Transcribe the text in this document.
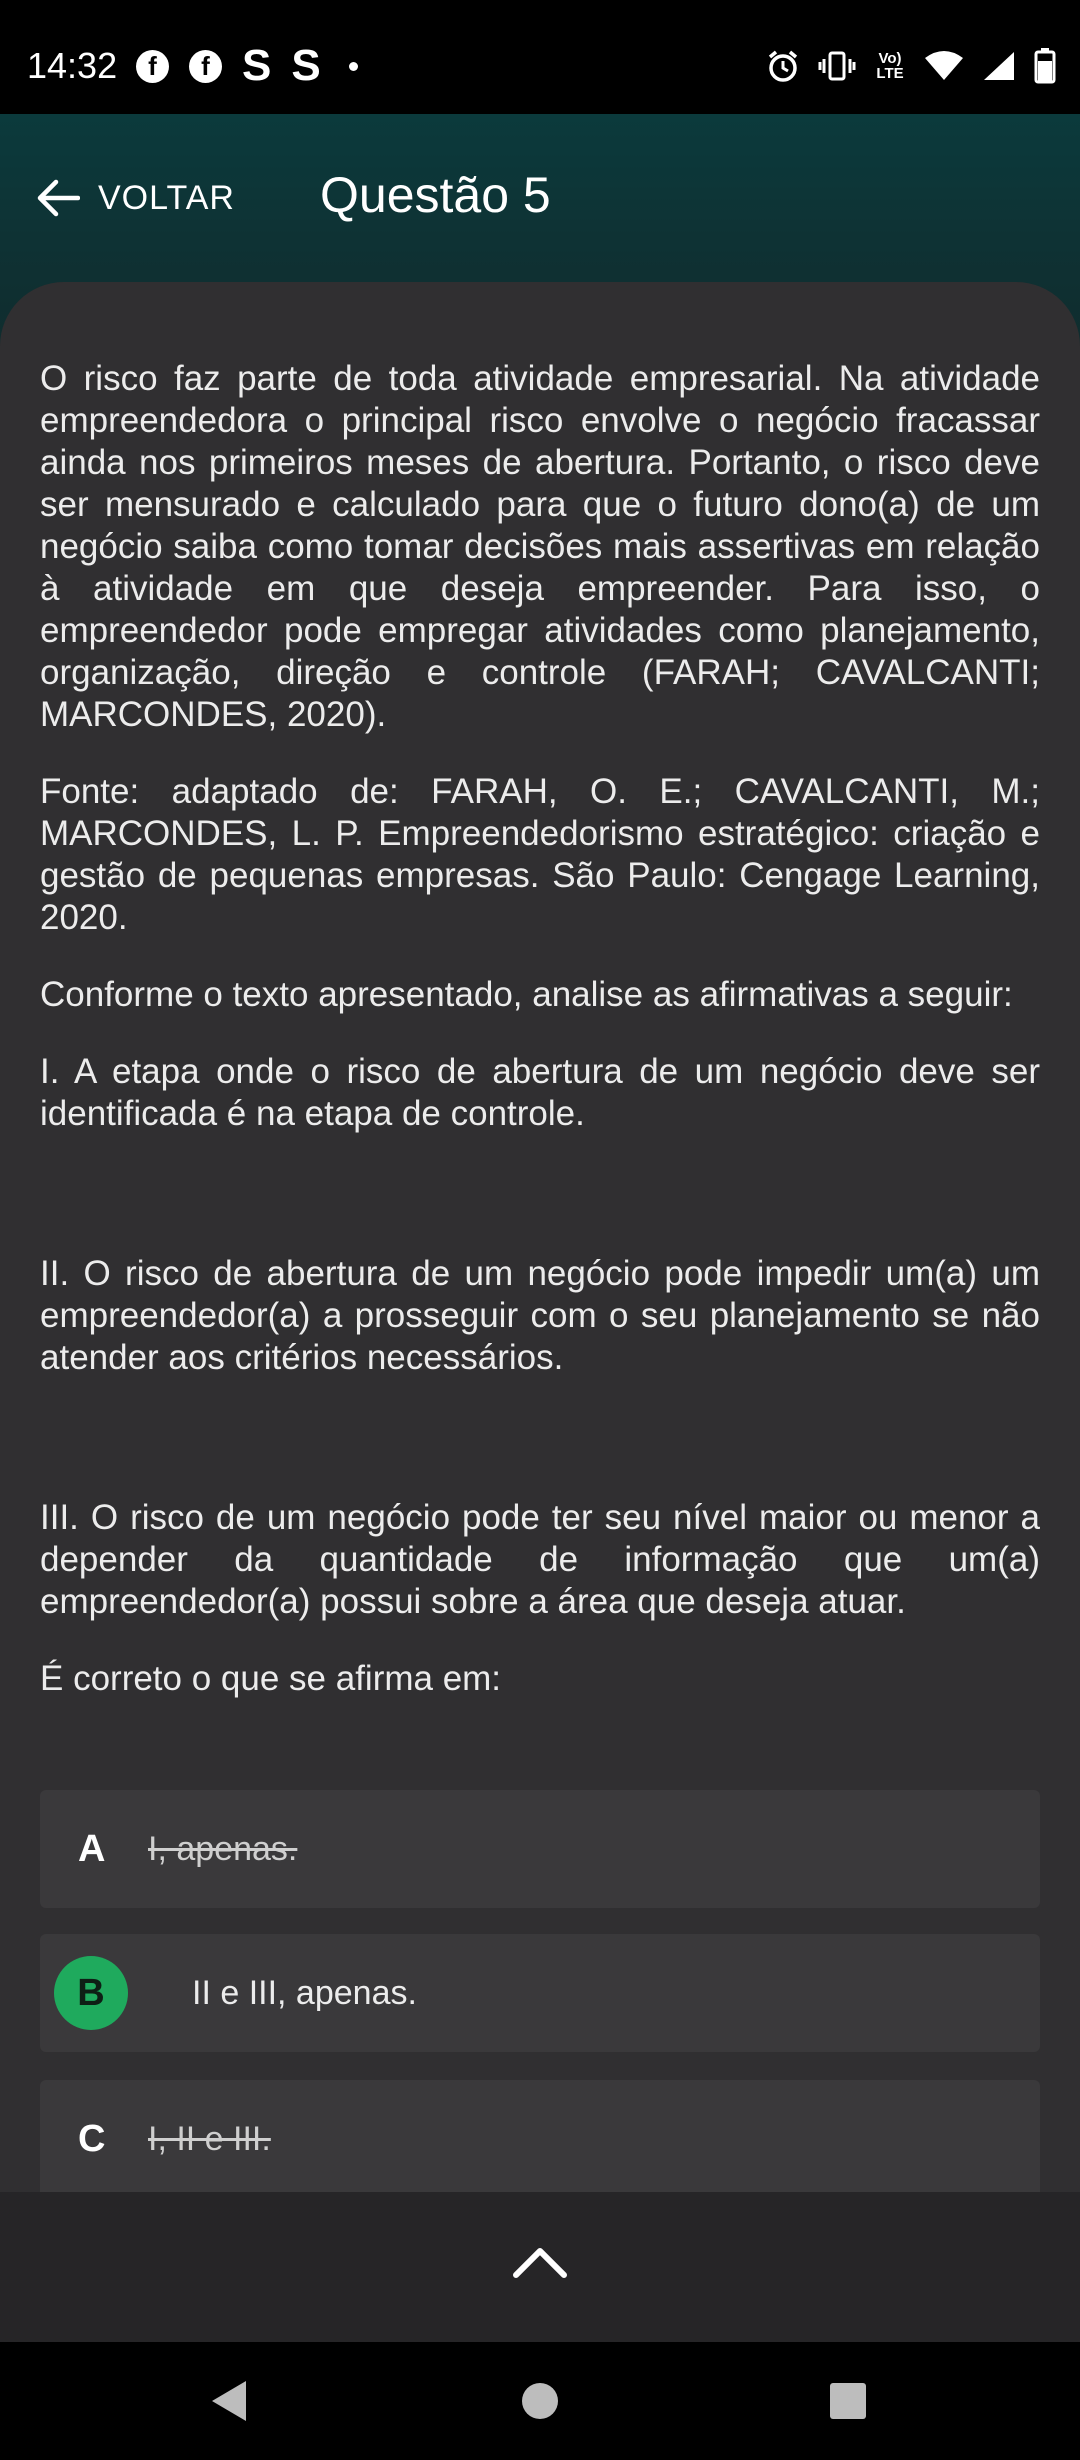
14:32	f	f S S	Vo)
LTE
VOLTAR Questão 5

O risco faz parte de toda atividade empresarial. Na atividade empreendedora o principal risco envolve o negócio fracassar ainda nos primeiros meses de abertura. Portanto, o risco deve ser mensurado e calculado para que o futuro dono(a) de um negócio saiba como tomar decisões mais assertivas em relação à atividade em que deseja empreender. Para isso, o empreendedor pode empregar atividades como planejamento, organização, direção e controle (FARAH; CAVALCANTI; MARCONDES, 2020).

Fonte: adaptado de: FARAH, O. E.; CAVALCANTI, M.; MARCONDES, L. P. Empreendedorismo estratégico: criação e gestão de pequenas empresas. São Paulo: Cengage Learning, 2020.

Conforme o texto apresentado, analise as afirmativas a seguir:

I. A etapa onde o risco de abertura de um negócio deve ser identificada é na etapa de controle.

II. O risco de abertura de um negócio pode impedir um(a) um empreendedor(a) a prosseguir com o seu planejamento se não atender aos critérios necessários.

III. O risco de um negócio pode ter seu nível maior ou menor a depender da quantidade de informação que um(a) empreendedor(a) possui sobre a área que deseja atuar.

É correto o que se afirma em:

A I, apenas.
B	II e III, apenas.
C I, II e III.
